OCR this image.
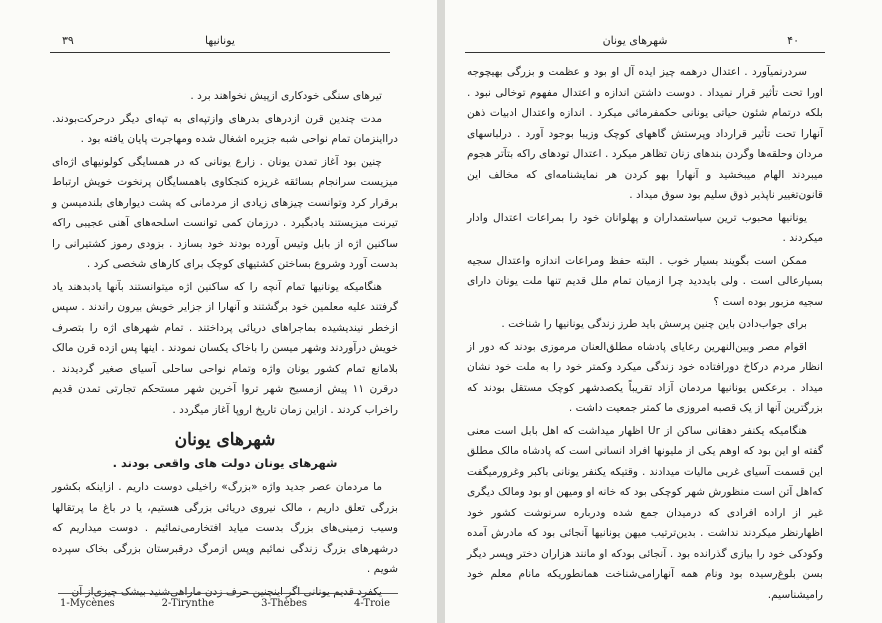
یونانیها
۳۹

تیرهای سنگی خودکاری ازپیش نخواهند برد .

مدت چندین قرن ازدرهای بدرهای وازتپه‌ای به تپه‌ای دیگر درحرکت‌بودند. درااینزمان تمام نواحی شبه جزیره اشغال شده ومهاجرت پایان یافته بود .

چنین بود آغاز تمدن یونان . زارع یونانی که در همسایگی کولونیهای اژه‌ای میزیست سرانجام بسائقه غریزه کنجکاوی باهمسایگان پرنخوت خویش ارتباط برقرار کرد وتوانست چیزهای زیادی از مردمانی که پشت دیوارهای بلندمیسن و تیرنت میزیستند یادبگیرد . درزمان کمی توانست اسلحه‌های آهنی عجیبی راکه ساکنین اژه از بابل وتیس آورده بودند خود بسازد . بزودی رموز کشتیرانی را بدست آورد وشروع بساختن کشتیهای کوچک برای کارهای شخصی کرد .

هنگامیکه یونانیها تمام آنچه را که ساکنین اژه میتوانستند بآنها یادبدهند یاد گرفتند علیه معلمین خود برگشتند و آنهارا از جزایر خویش بیرون راندند . سپس ازخطر نینديشیده بماجراهای دریائی پرداختند . تمام شهرهای اژه را بتصرف خویش درآوردند وشهر میسن را باخاک یکسان نمودند . اینها پس ازده قرن مالک بلامانع تمام کشور یونان واژه وتمام نواحی ساحلی آسیای صغیر گردیدند . درقرن ۱۱ پیش ازمسیح شهر تروا آخرین شهر مستحکم تجارتی تمدن قدیم راخراب کردند . ازاین زمان تاریخ اروپا آغاز میگردد .

شهرهای یونان
شهرهای یونان دولت های واقعی بودند .

ما مردمان عصر جدید واژه «بزرگ» راخیلی دوست داریم . ازاینکه بکشور بزرگی تعلق داریم ، مالک نیروی دریائی بزرگی هستیم، یا در باغ ما پرتقالها وسیب زمینی‌های بزرگ بدست میاید افتخارمی‌نمائیم . دوست میداریم که درشهرهای بزرگ زندگی نمائیم وپس ازمرگ درقبرستان بزرگی بخاک سپرده شویم .

یکفرد قدیم یونانی اگر اینچنین حرف زدن ماراهی‌شنید بیشک چیزی‌از آن

1-Mycènes	2-Tirynthe	3-Thèbes	4-Troie
شهرهای یونان	۴۰

سردرنمیآورد . اعتدال درهمه چیز ایده آل او بود و عظمت و بزرگی بهیچوجه اورا تحت تأثیر قرار نمیداد . دوست داشتن اندازه و اعتدال مفهوم توخالی نبود . بلکه درتمام شئون حیاتی یونانی حکمفرمائی میکرد . اندازه واعتدال ادبیات ذهن آنهارا تحت تأثیر قرارداد وپرستش گاههای کوچک وزیبا بوجود آورد . درلباسهای مردان وحلقه‌ها وگردن بندهای زنان تظاهر میکرد . اعتدال تودهای راکه بتآتر هجوم میبردند الهام میبخشید و آنهارا بهو کردن هر نمایشنامه‌ای که مخالف این قانون‌تغییر ناپذیر ذوق سلیم بود سوق میداد .

یونانیها محبوب ترین سیاستمداران و پهلوانان خود را بمراعات اعتدال وادار میکردند .

ممکن است بگویند بسیار خوب . البته حفظ ومراعات اندازه واعتدال سجیه بسیارعالی است . ولی بایددید چرا ازمیان تمام ملل قدیم تنها ملت یونان دارای سجیه مزبور بوده است ؟

برای جواب‌دادن باین چنین پرسش باید طرز زندگی یونانیها را شناخت .

اقوام مصر وبین‌النهرین رعایای پادشاه مطلق‌العنان مرموزی بودند که دور از انظار مردم درکاخ دورافتاده خود زندگی میکرد وکمتر خود را به ملت خود نشان میداد . برعکس یونانیها مردمان آزاد تقریباً یکصدشهر کوچک مستقل بودند که بزرگترین آنها از یک قصبه امروزی ما کمتر جمعیت داشت .

هنگامیکه یکنفر دهقانی ساکن از Ur اظهار میداشت که اهل بابل است معنی گفته او این بود که اوهم یکی از ملیونها افراد انسانی است که پادشاه مالک مطلق این قسمت آسیای غربی مالیات میدادند . وقتیکه یکنفر یونانی باکبر وغرورمیگفت که‌اهل آتن است منظورش شهر کوچکی بود که خانه او ومیهن او بود ومالک دیگری غیر از اراده افرادی که درمیدان جمع شده ودرباره سرنوشت کشور خود اظهارنظر میکردند نداشت . بدین‌ترتیب میهن یونانیها آنجائی بود که مادرش آمده وکودکی خود را بیازی گذرانده بود . آنجائی بودکه او مانند هزاران دختر وپسر دیگر بسن بلوغ‌رسیده بود ونام همه آنهارامی‌شناخت همانطوریکه مانام معلم خود رامیشناسیم.
